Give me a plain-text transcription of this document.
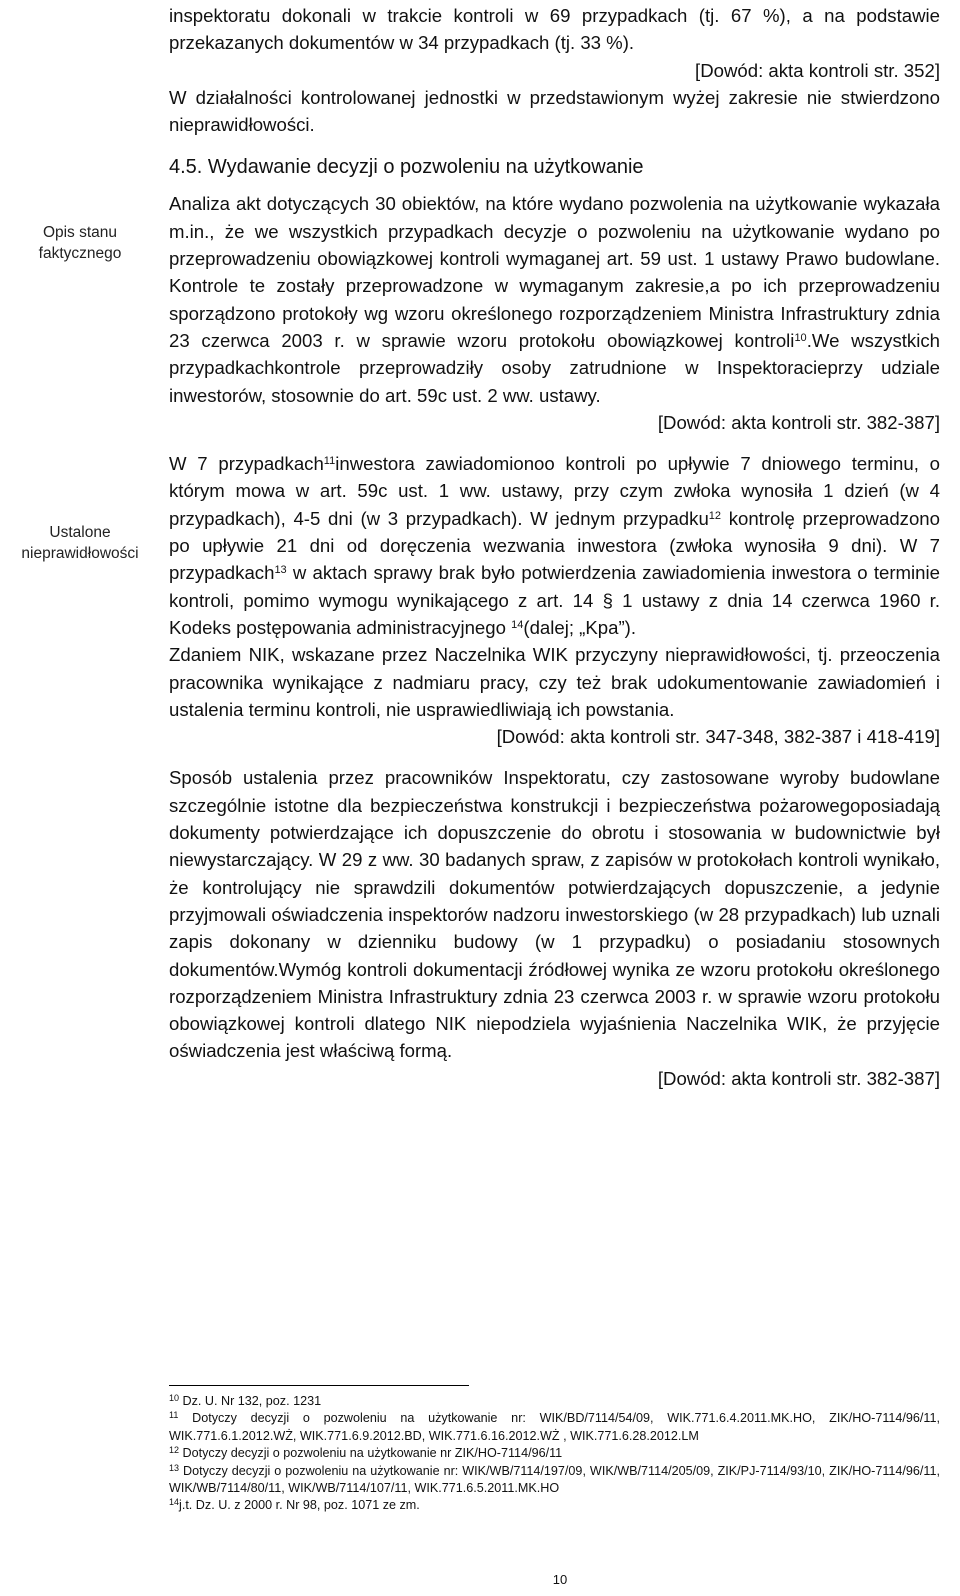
Opis stanu faktycznego
Ustalone nieprawidłowości

inspektoratu dokonali w trakcie kontroli w 69 przypadkach (tj. 67 %), a na podstawie przekazanych dokumentów w 34 przypadkach (tj. 33 %).

[Dowód: akta kontroli str. 352]

W działalności kontrolowanej jednostki w przedstawionym wyżej zakresie nie stwierdzono nieprawidłowości.

4.5. Wydawanie decyzji o pozwoleniu na użytkowanie

Analiza akt dotyczących 30 obiektów, na które wydano pozwolenia na użytkowanie wykazała m.in., że we wszystkich przypadkach decyzje o pozwoleniu na użytkowanie wydano po przeprowadzeniu obowiązkowej kontroli wymaganej art. 59 ust. 1 ustawy Prawo budowlane. Kontrole te zostały przeprowadzone w wymaganym zakresie,a po ich przeprowadzeniu sporządzono protokoły wg wzoru określonego rozporządzeniem Ministra Infrastruktury zdnia 23 czerwca 2003 r. w sprawie wzoru protokołu obowiązkowej kontroli$^{10}$.We wszystkich przypadkachkontrole przeprowadziły osoby zatrudnione w Inspektoracieprzy udziale inwestorów, stosownie do art. 59c ust. 2 ww. ustawy.

[Dowód: akta kontroli str. 382-387]

W 7 przypadkach$^{11}$inwestora zawiadomionoo kontroli po upływie 7 dniowego terminu, o którym mowa w art. 59c ust. 1 ww. ustawy, przy czym zwłoka wynosiła 1 dzień (w 4 przypadkach), 4-5 dni (w 3 przypadkach). W jednym przypadku$^{12}$ kontrolę przeprowadzono po upływie 21 dni od doręczenia wezwania inwestora (zwłoka wynosiła 9 dni). W 7 przypadkach$^{13}$ w aktach sprawy brak było potwierdzenia zawiadomienia inwestora o terminie kontroli, pomimo wymogu wynikającego z art. 14 § 1 ustawy z dnia 14 czerwca 1960 r. Kodeks postępowania administracyjnego $^{14}$(dalej; „Kpa”).

Zdaniem NIK, wskazane przez Naczelnika WIK przyczyny nieprawidłowości, tj. przeoczenia pracownika wynikające z nadmiaru pracy, czy też brak udokumentowanie zawiadomień i ustalenia terminu kontroli, nie usprawiedliwiają ich powstania.

[Dowód: akta kontroli str. 347-348, 382-387 i 418-419]

Sposób ustalenia przez pracowników Inspektoratu, czy zastosowane wyroby budowlane szczególnie istotne dla bezpieczeństwa konstrukcji i bezpieczeństwa pożarowegoposiadają dokumenty potwierdzające ich dopuszczenie do obrotu i stosowania w budownictwie był niewystarczający. W 29 z ww. 30 badanych spraw, z zapisów w protokołach kontroli wynikało, że kontrolujący nie sprawdzili dokumentów potwierdzających dopuszczenie, a jedynie przyjmowali oświadczenia inspektorów nadzoru inwestorskiego (w 28 przypadkach) lub uznali zapis dokonany w dzienniku budowy (w 1 przypadku) o posiadaniu stosownych dokumentów.Wymóg kontroli dokumentacji źródłowej wynika ze wzoru protokołu określonego rozporządzeniem Ministra Infrastruktury zdnia 23 czerwca 2003 r. w sprawie wzoru protokołu obowiązkowej kontroli dlatego NIK niepodziela wyjaśnienia Naczelnika WIK, że przyjęcie oświadczenia jest właściwą formą.

[Dowód: akta kontroli str. 382-387]

$^{10}$ Dz. U. Nr 132, poz. 1231

$^{11}$ Dotyczy decyzji o pozwoleniu na użytkowanie nr: WIK/BD/7114/54/09, WIK.771.6.4.2011.MK.HO, ZIK/HO-7114/96/11, WIK.771.6.1.2012.WŻ, WIK.771.6.9.2012.BD, WIK.771.6.16.2012.WŻ , WIK.771.6.28.2012.LM

$^{12}$ Dotyczy decyzji o pozwoleniu na użytkowanie nr ZIK/HO-7114/96/11

$^{13}$ Dotyczy decyzji o pozwoleniu na użytkowanie nr: WIK/WB/7114/197/09, WIK/WB/7114/205/09, ZIK/PJ-7114/93/10, ZIK/HO-7114/96/11, WIK/WB/7114/80/11, WIK/WB/7114/107/11, WIK.771.6.5.2011.MK.HO

$^{14}$j.t. Dz. U. z 2000 r. Nr 98, poz. 1071 ze zm.

10
